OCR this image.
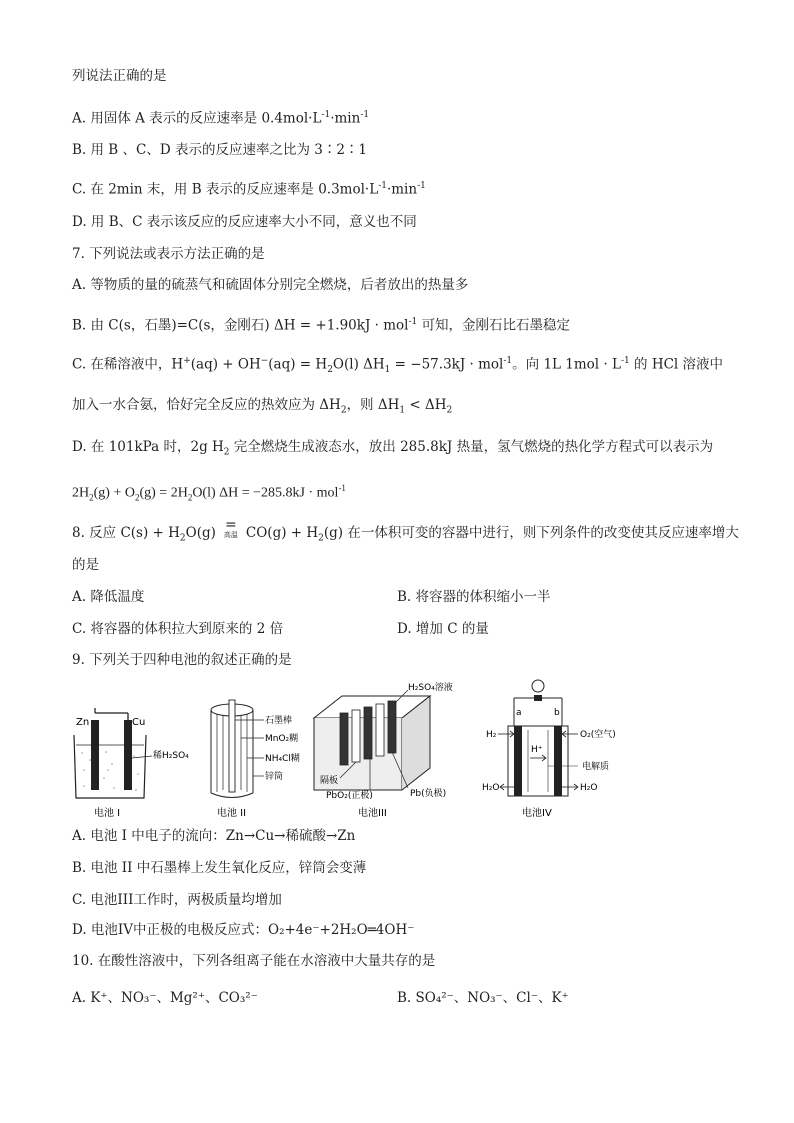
列说法正确的是
A. 用固体 A 表示的反应速率是 $0.4mol\cdot L^{-1}\cdot\min^{-1}$
B. 用 B 、C、D 表示的反应速率之比为 3∶2∶1
C. 在 2min 末，用 B 表示的反应速率是 $0.3mol\cdot L^{-1}\cdot\min^{-1}$
D. 用 B、C 表示该反应的反应速率大小不同，意义也不同
7. 下列说法或表示方法正确的是
A. 等物质的量的硫蒸气和硫固体分别完全燃烧，后者放出的热量多
B. 由 C(s，石墨)=C(s，金刚石) ΔH = +1.90kJ · mol$^{-1}$ 可知，金刚石比石墨稳定
C. 在稀溶液中，$H^+(aq) + OH^-(aq) = H_2O(l) \Delta H_1 = -57.3kJ \cdot mol^{-1}$。向 1L $1mol \cdot L^{-1}$ 的 HCl 溶液中
加入一水合氨，恰好完全反应的热效应为 $\Delta H_2$，则 $\Delta H_1 < \Delta H_2$
D. 在 101kPa 时，2g $H_2$ 完全燃烧生成液态水，放出 285.8kJ 热量，氢气燃烧的热化学方程式可以表示为
$2H_2(g) + O_2(g) = 2H_2O(l) \Delta H = -285.8kJ \cdot mol^{-1}$
8. 反应 $C(s) + H_2O(g)$ =
高温 $CO(g) + H_2(g)$ 在一体积可变的容器中进行，则下列条件的改变使其反应速率增大
的是
A. 降低温度	B. 将容器的体积缩小一半
C. 将容器的体积拉大到原来的 2 倍	D. 增加 C 的量
9. 下列关于四种电池的叙述正确的是
Zn	Cu
稀H₂SO₄
电池 I
石墨棒
MnO₂糊
NH₄Cl糊
锌筒
电池 II
H₂SO₄溶液
隔板
PbO₂(正极)	Pb(负极)
电池III
a	b
H₂	O₂(空气)
H⁺
电解质
H₂O	H₂O
电池IV
A. 电池 I 中电子的流向：Zn→Cu→稀硫酸→Zn
B. 电池 II 中石墨棒上发生氧化反应，锌筒会变薄
C. 电池III工作时，两极质量均增加
D. 电池IV中正极的电极反应式：O₂+4e⁻+2H₂O═4OH⁻
10. 在酸性溶液中，下列各组离子能在水溶液中大量共存的是
A. K⁺、NO₃⁻、Mg²⁺、CO₃²⁻	B. SO₄²⁻、NO₃⁻、Cl⁻、K⁺
